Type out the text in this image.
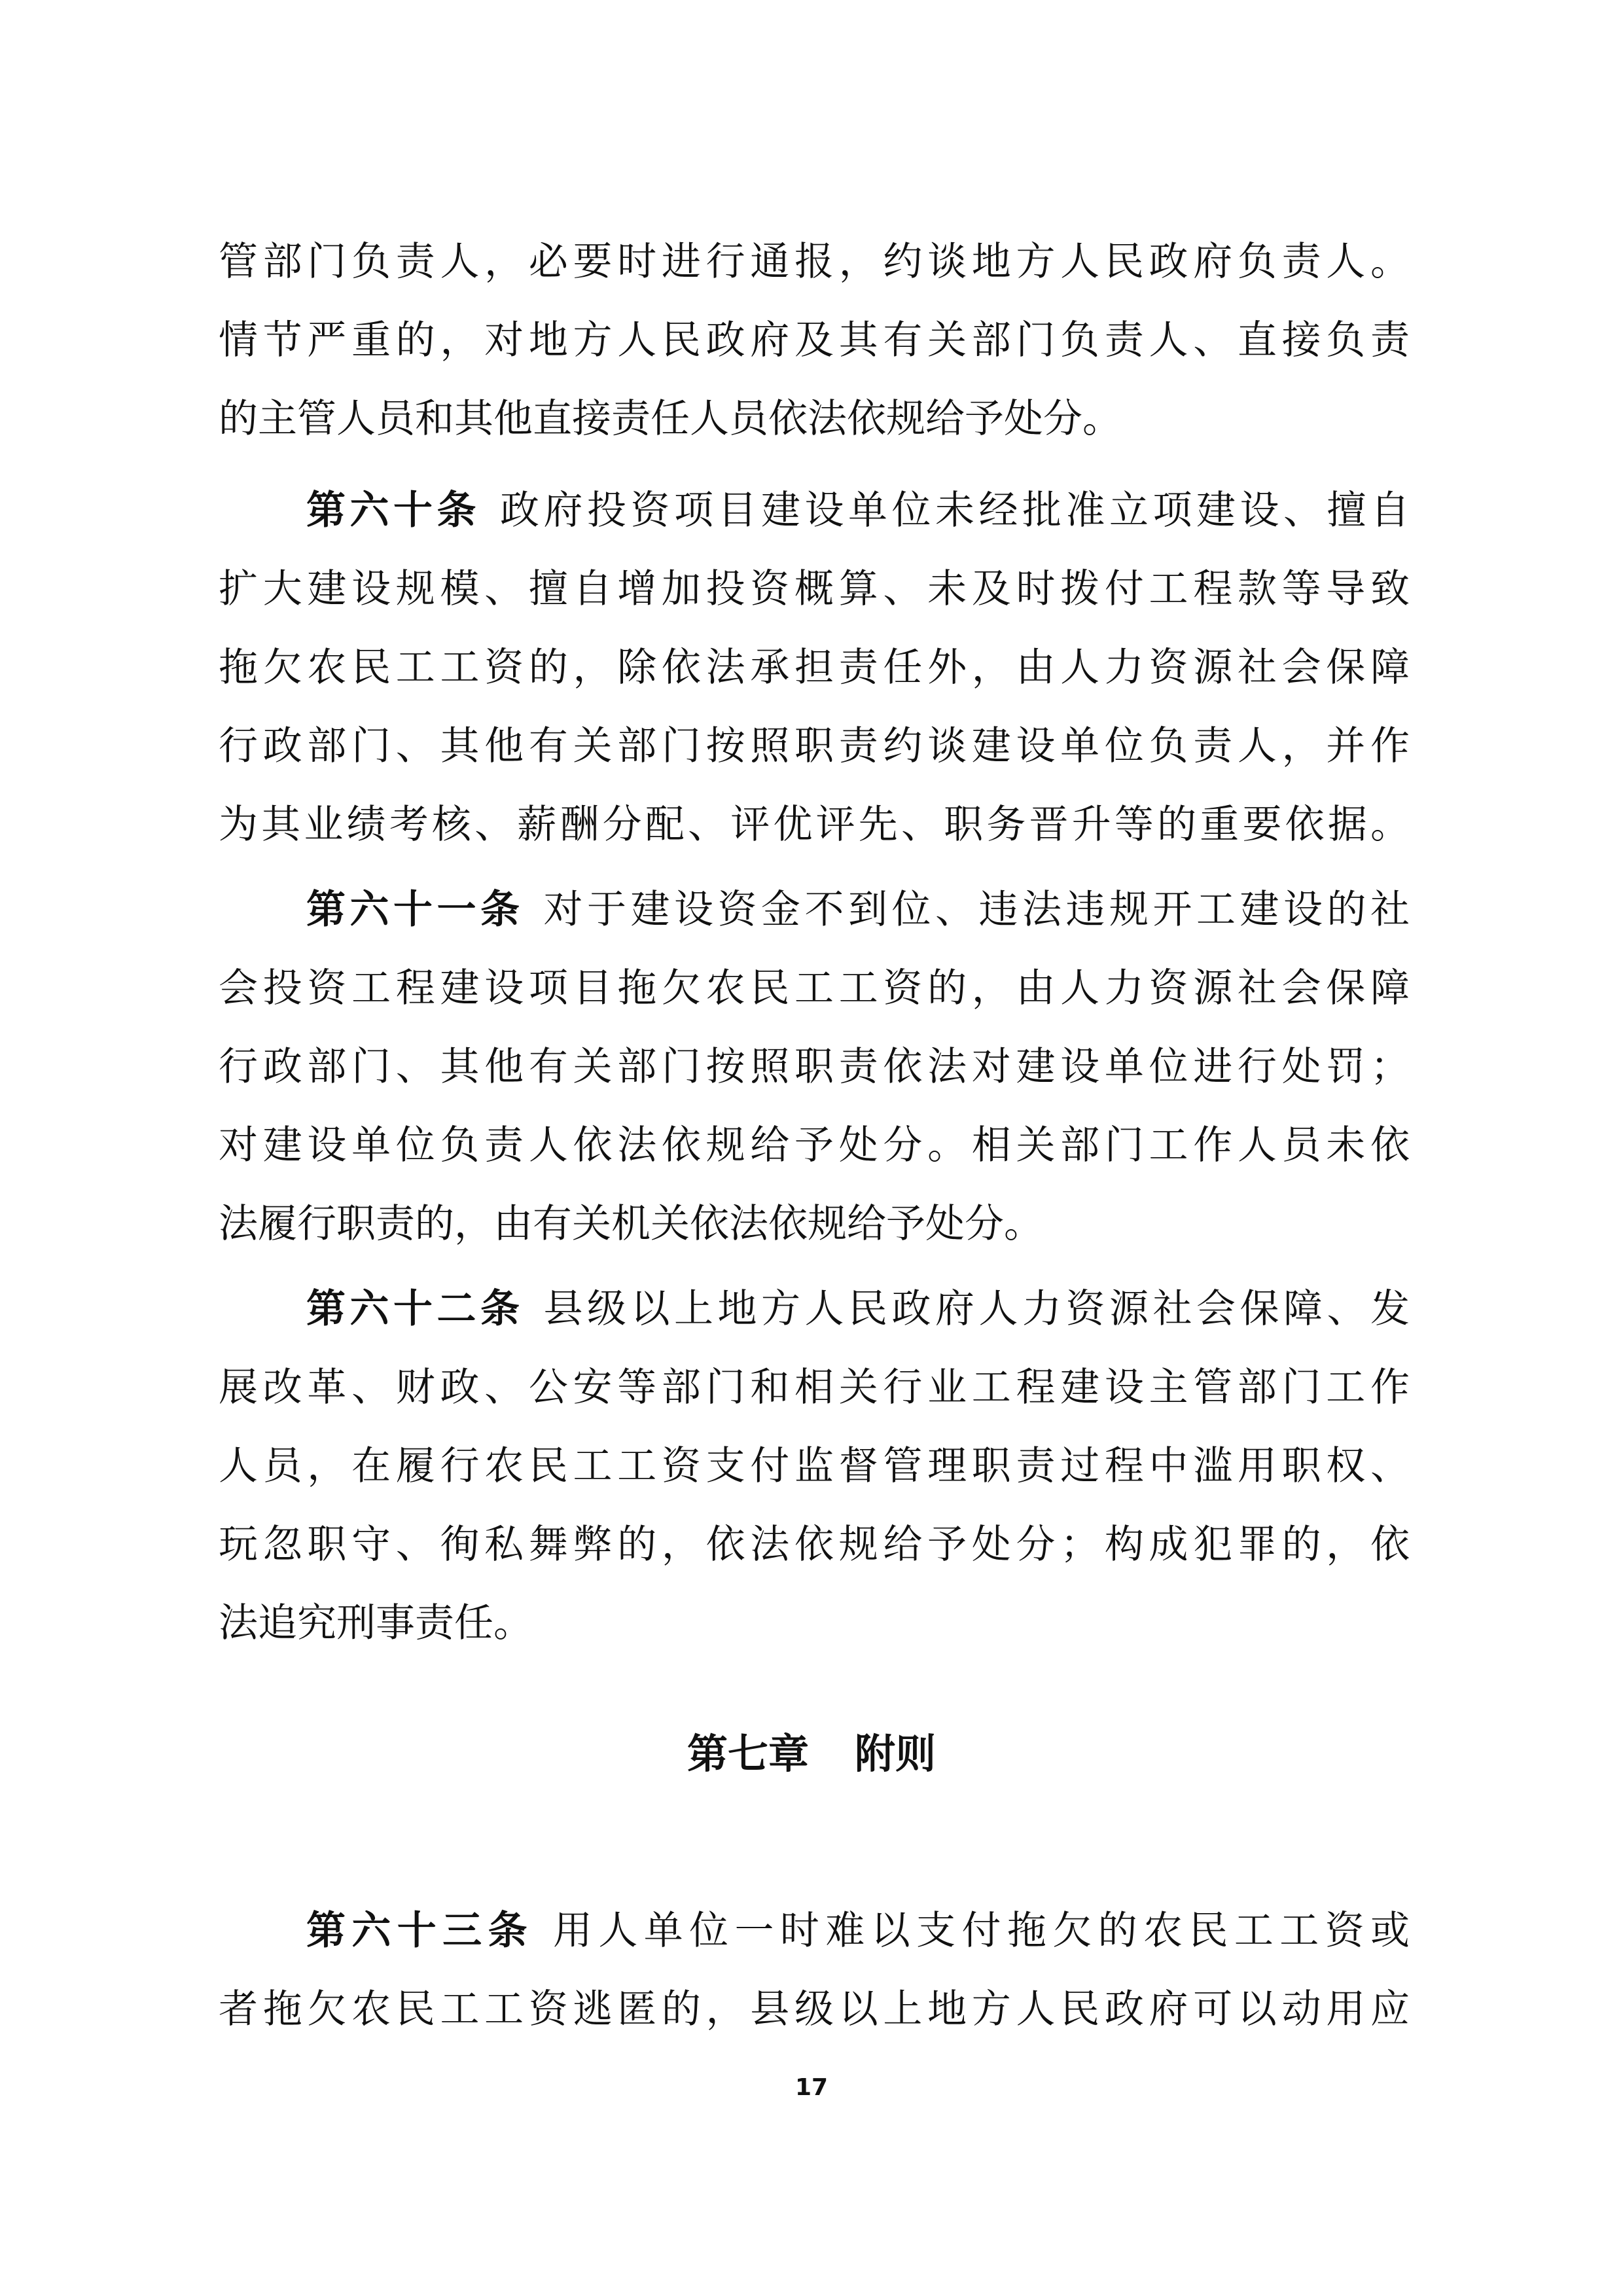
管部门负责人，必要时进行通报，约谈地方人民政府负责人。
情节严重的，对地方人民政府及其有关部门负责人、直接负责
的主管人员和其他直接责任人员依法依规给予处分。
第六十条 政府投资项目建设单位未经批准立项建设、擅自
扩大建设规模、擅自增加投资概算、未及时拨付工程款等导致
拖欠农民工工资的，除依法承担责任外，由人力资源社会保障
行政部门、其他有关部门按照职责约谈建设单位负责人，并作
为其业绩考核、薪酬分配、评优评先、职务晋升等的重要依据。
第六十一条 对于建设资金不到位、违法违规开工建设的社
会投资工程建设项目拖欠农民工工资的，由人力资源社会保障
行政部门、其他有关部门按照职责依法对建设单位进行处罚；
对建设单位负责人依法依规给予处分。相关部门工作人员未依
法履行职责的，由有关机关依法依规给予处分。
第六十二条 县级以上地方人民政府人力资源社会保障、发
展改革、财政、公安等部门和相关行业工程建设主管部门工作
人员，在履行农民工工资支付监督管理职责过程中滥用职权、
玩忽职守、徇私舞弊的，依法依规给予处分；构成犯罪的，依
法追究刑事责任。
第七章 附则
第六十三条 用人单位一时难以支付拖欠的农民工工资或
者拖欠农民工工资逃匿的，县级以上地方人民政府可以动用应
17
